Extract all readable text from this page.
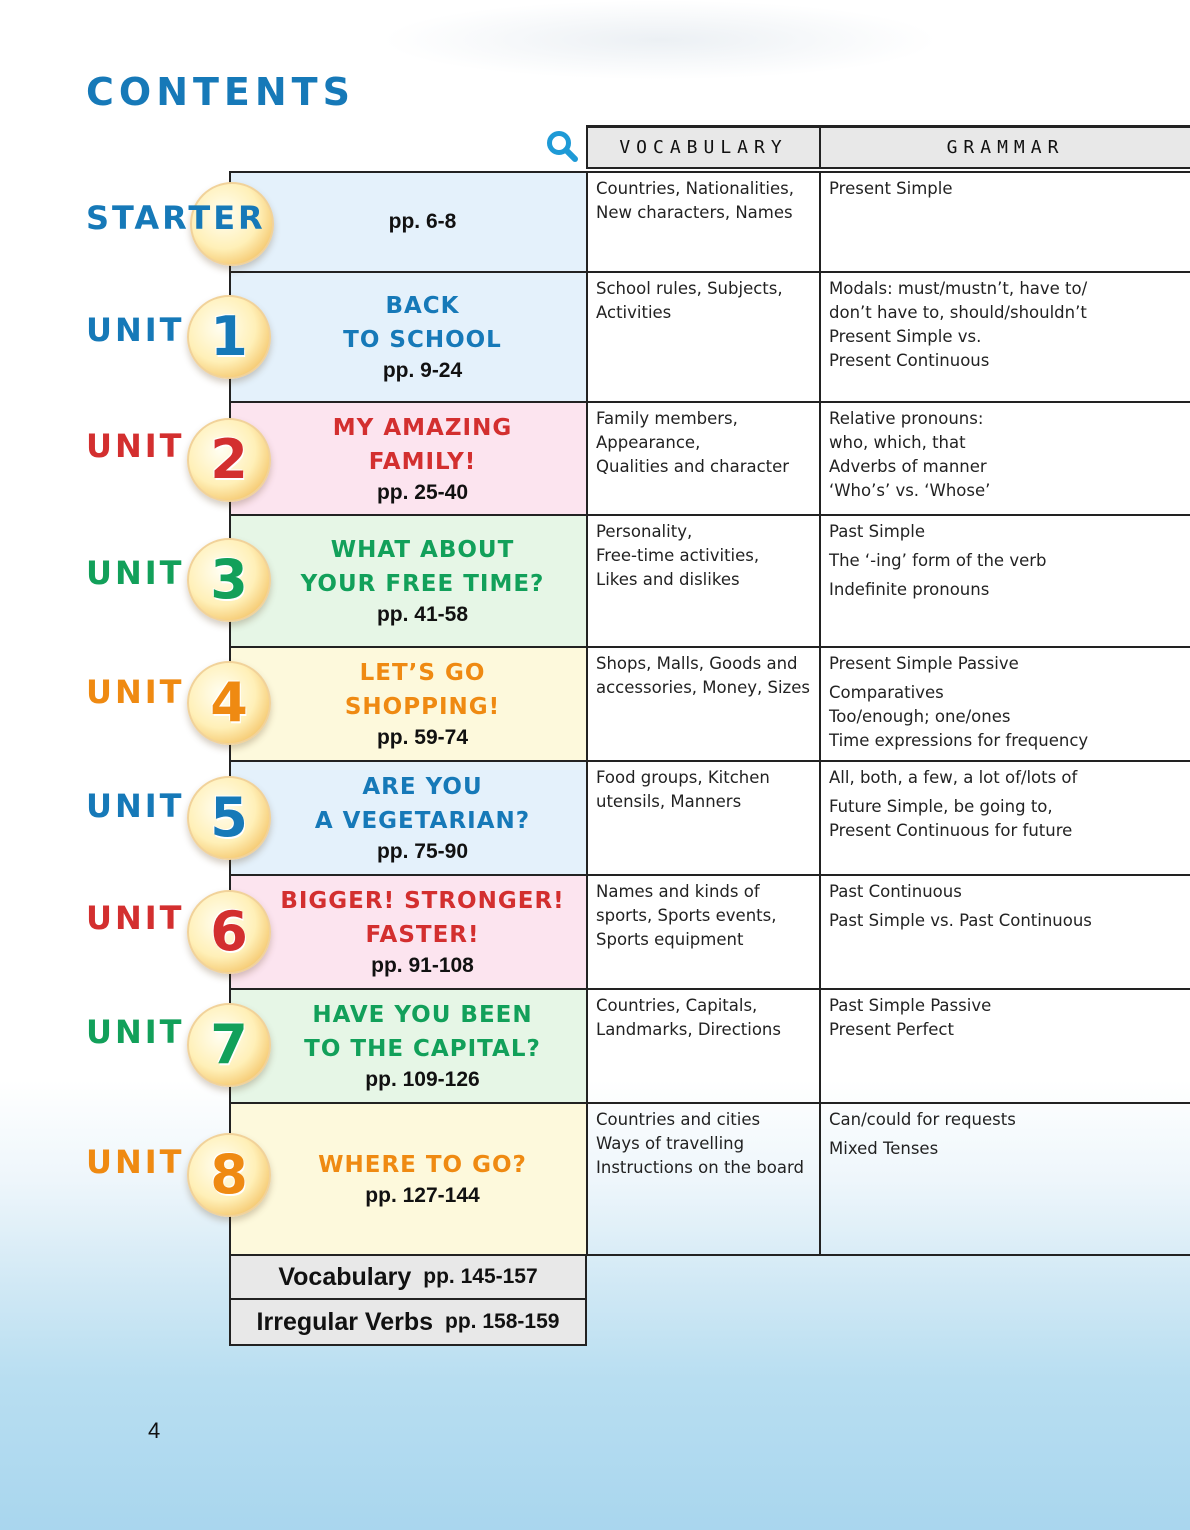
CONTENTS
VOCABULARY	GRAMMAR
pp. 6-8
Countries, Nationalities, New characters, Names
Present Simple
BACK
TO SCHOOL
pp. 9-24
School rules, Subjects, Activities
Modals: must/mustn’t, have to/
don’t have to, should/shouldn’t
Present Simple vs.
Present Continuous
MY AMAZING
FAMILY!
pp. 25-40
Family members,
Appearance,
Qualities and character
Relative pronouns:
who, which, that
Adverbs of manner
‘Who’s’ vs. ‘Whose’
WHAT ABOUT
YOUR FREE TIME?
pp. 41-58
Personality,
Free-time activities,
Likes and dislikes
Past Simple
The ‘-ing’ form of the verb
Indefinite pronouns
LET’S GO
SHOPPING!
pp. 59-74
Shops, Malls, Goods and accessories, Money, Sizes
Present Simple Passive
Comparatives
Too/enough; one/ones
Time expressions for frequency
ARE YOU
A VEGETARIAN?
pp. 75-90
Food groups, Kitchen utensils, Manners
All, both, a few, a lot of/lots of
Future Simple, be going to,
Present Continuous for future
BIGGER! STRONGER!
FASTER!
pp. 91-108
Names and kinds of sports, Sports events, Sports equipment
Past Continuous
Past Simple vs. Past Continuous
HAVE YOU BEEN
TO THE CAPITAL?
pp. 109-126
Countries, Capitals, Landmarks, Directions
Past Simple Passive
Present Perfect
WHERE TO GO?
pp. 127-144
Countries and cities
Ways of travelling
Instructions on the board
Can/could for requests
Mixed Tenses
Vocabulary pp. 145-157
Irregular Verbs pp. 158-159
4
STARTER
1
UNIT
2
UNIT
3
UNIT
4
UNIT
5
UNIT
6
UNIT
7
UNIT
8
UNIT
